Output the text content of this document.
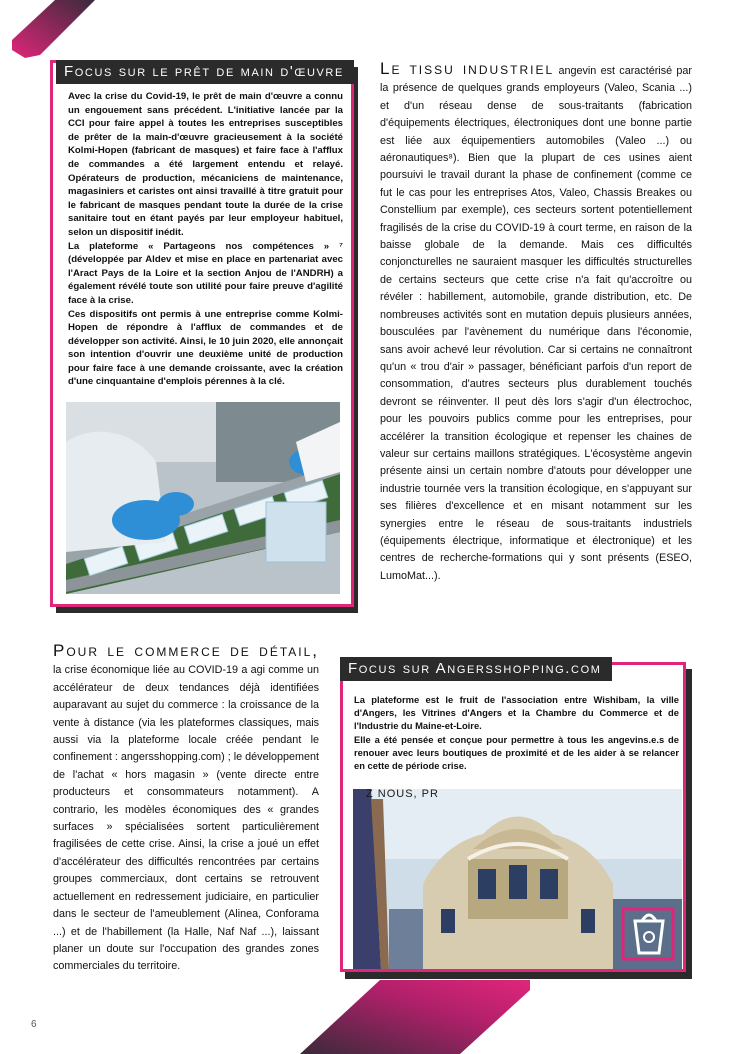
Focus sur le prêt de main d'œuvre

Avec la crise du Covid-19, le prêt de main d'œuvre a connu un engouement sans précédent. L'initiative lancée par la CCI pour faire appel à toutes les entreprises susceptibles de prêter de la main-d'œuvre gracieusement à la société Kolmi-Hopen (fabricant de masques) et faire face à l'afflux de commandes a été largement entendu et relayé. Opérateurs de production, mécaniciens de maintenance, magasiniers et caristes ont ainsi travaillé à titre gratuit pour le fabricant de masques pendant toute la durée de la crise sanitaire tout en étant payés par leur employeur habituel, selon un dispositif inédit.

La plateforme « Partageons nos compétences » ⁷ (développée par Aldev et mise en place en partenariat avec l'Aract Pays de la Loire et la section Anjou de l'ANDRH) a également révélé toute son utilité pour faire preuve d'agilité face à la crise.

Ces dispositifs ont permis à une entreprise comme Kolmi-Hopen de répondre à l'afflux de commandes et de développer son activité. Ainsi, le 10 juin 2020, elle annonçait son intention d'ouvrir une deuxième unité de production pour faire face à une demande croissante, avec la création d'une cinquantaine d'emplois pérennes à la clé.

Le tissu industriel angevin est caractérisé par la présence de quelques grands employeurs (Valeo, Scania ...) et d'un réseau dense de sous-traitants (fabrication d'équipements électriques, électroniques dont une bonne partie est liée aux équipementiers automobiles (Valeo ...) ou aéronautiques⁸). Bien que la plupart de ces usines aient poursuivi le travail durant la phase de confinement (comme ce fut le cas pour les entreprises Atos, Valeo, Chassis Breakes ou Constellium par exemple), ces secteurs sortent potentiellement fragilisés de la crise du COVID-19 à court terme, en raison de la baisse globale de la demande. Mais ces difficultés conjoncturelles ne sauraient masquer les difficultés structurelles de certains secteurs que cette crise n'a fait qu'accroître ou révéler : habillement, automobile, grande distribution, etc. De nombreuses activités sont en mutation depuis plusieurs années, bousculées par l'avènement du numérique dans l'économie, sans avoir achevé leur révolution. Car si certains ne connaîtront qu'un « trou d'air » passager, bénéficiant parfois d'un report de consommation, d'autres secteurs plus durablement touchés devront se réinventer. Il peut dès lors s'agir d'un électrochoc, pour les pouvoirs publics comme pour les entreprises, pour accélérer la transition écologique et repenser les chaines de valeur sur certains maillons stratégiques. L'écosystème angevin présente ainsi un certain nombre d'atouts pour développer une industrie tournée vers la transition écologique, en s'appuyant sur ses filières d'excellence et en misant notamment sur les synergies entre le réseau de sous-traitants industriels (équipements électrique, informatique et électronique) et les centres de recherche-formations qui y sont présents (ESEO, LumoMat...).
Pour le commerce de détail, la crise économique liée au COVID-19 a agi comme un accélérateur de deux tendances déjà identifiées auparavant au sujet du commerce : la croissance de la vente à distance (via les plateformes classiques, mais aussi via la plateforme locale créée pendant le confinement : angersshopping.com) ; le développement de l'achat « hors magasin » (vente directe entre producteurs et consommateurs notamment). A contrario, les modèles économiques des « grandes surfaces » spécialisées sortent particulièrement fragilisées de cette crise. Ainsi, la crise a joué un effet d'accélérateur des difficultés rencontrées par certains groupes commerciaux, dont certains se retrouvent actuellement en redressement judiciaire, en particulier dans le secteur de l'ameublement (Alinea, Conforama ...) et de l'habillement (la Halle, Naf Naf ...), laissant planer un doute sur l'occupation des grandes zones commerciales du territoire.
Focus sur Angersshopping.com

La plateforme est le fruit de l'association entre Wishibam, la ville d'Angers, les Vitrines d'Angers et la Chambre du Commerce et de l'Industrie du Maine-et-Loire.

Elle a été pensée et conçue pour permettre à tous les angevins.e.s de renouer avec leurs boutiques de proximité et de les aider à se relancer en cette de période crise.

Z NOUS, PR
6
